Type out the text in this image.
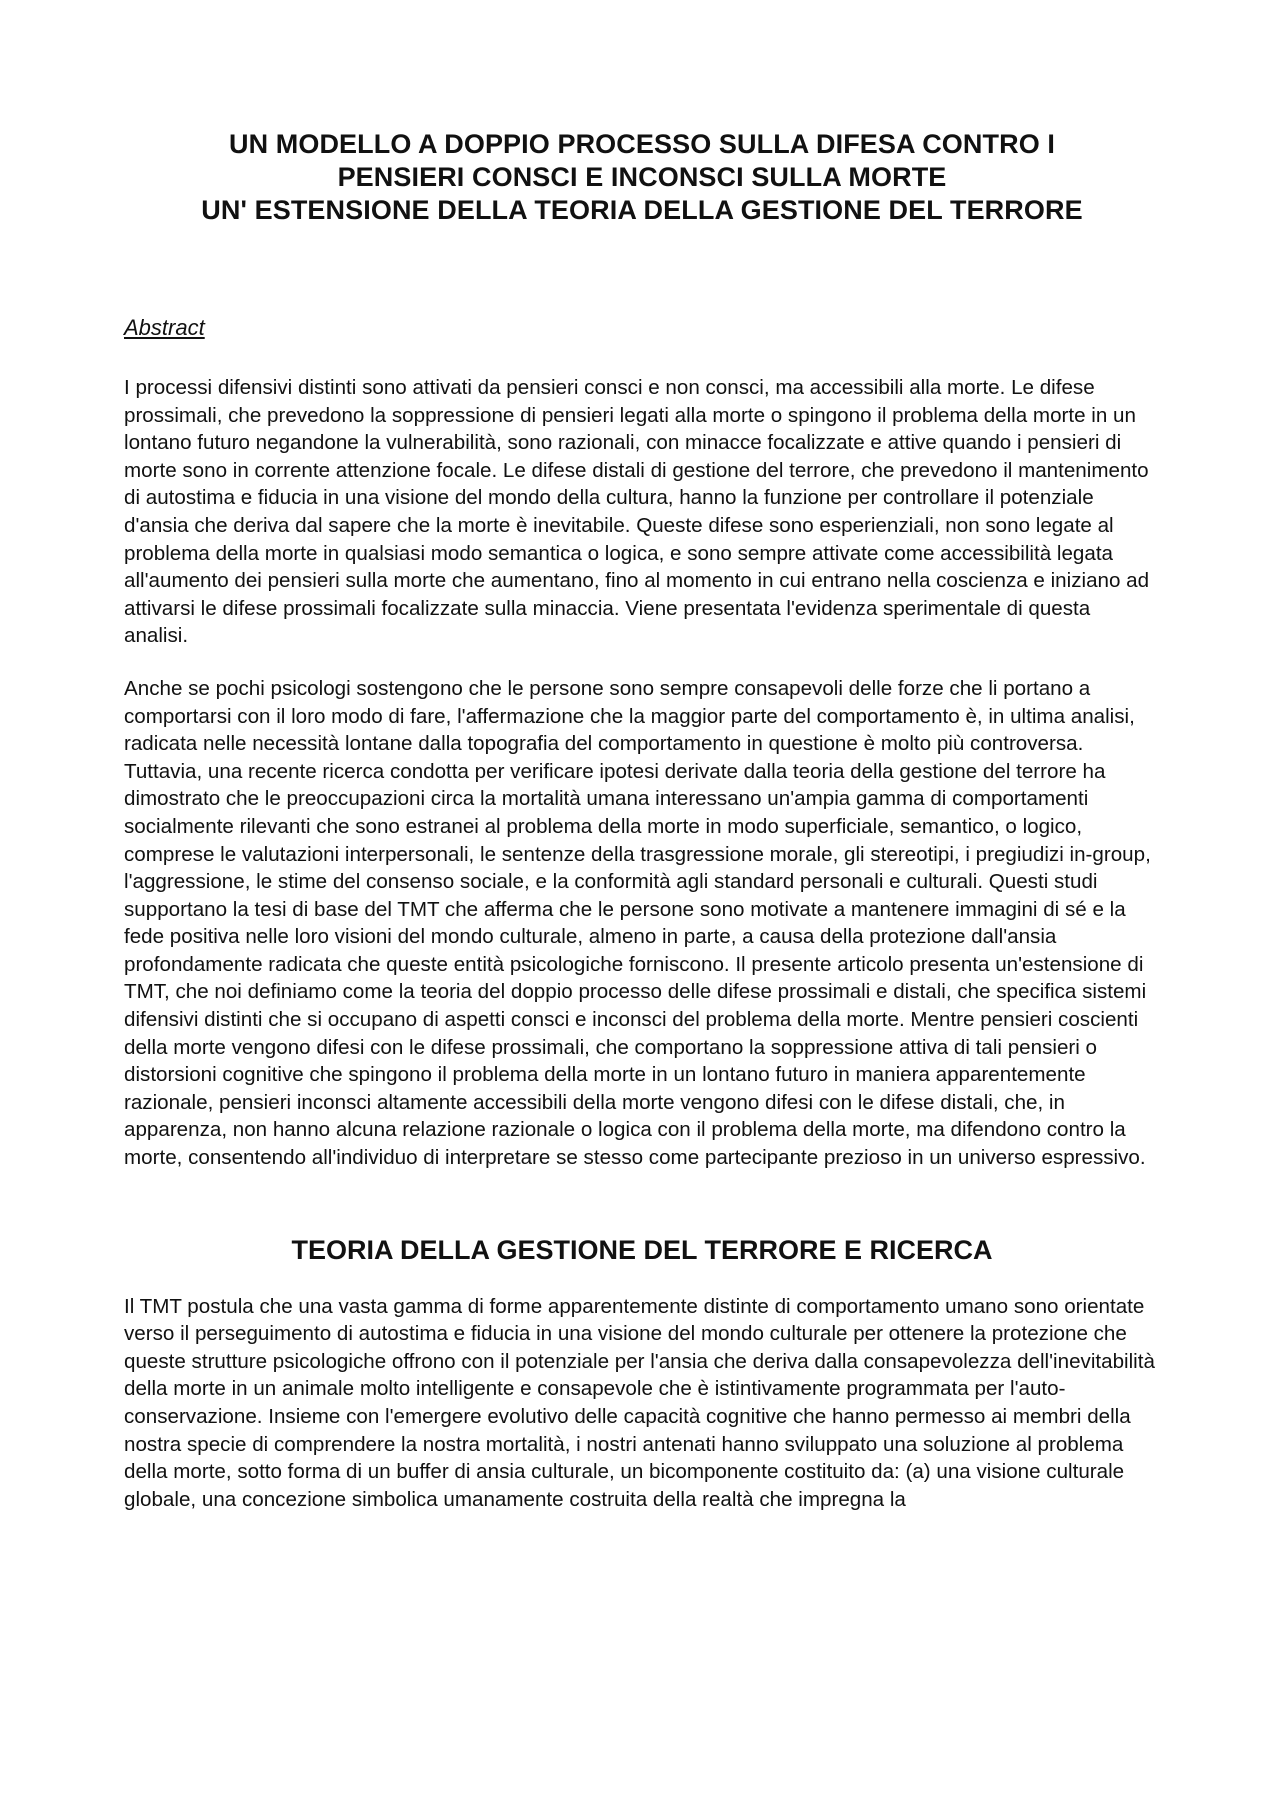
UN MODELLO A DOPPIO PROCESSO SULLA DIFESA CONTRO I
PENSIERI CONSCI E INCONSCI SULLA MORTE
UN' ESTENSIONE DELLA TEORIA DELLA GESTIONE DEL TERRORE
Abstract

I processi difensivi distinti sono attivati da pensieri consci e non consci, ma accessibili alla morte. Le difese prossimali, che prevedono la soppressione di pensieri legati alla morte o spingono il problema della morte in un lontano futuro negandone la vulnerabilità, sono razionali, con minacce focalizzate e attive quando i pensieri di morte sono in corrente attenzione focale. Le difese distali di gestione del terrore, che prevedono il mantenimento di autostima e fiducia in una visione del mondo della cultura, hanno la funzione per controllare il potenziale d'ansia che deriva dal sapere che la morte è inevitabile. Queste difese sono esperienziali, non sono legate al problema della morte in qualsiasi modo semantica o logica, e sono sempre attivate come accessibilità legata all'aumento dei pensieri sulla morte che aumentano, fino al momento in cui entrano nella coscienza e iniziano ad attivarsi le difese prossimali focalizzate sulla minaccia. Viene presentata l'evidenza sperimentale di questa analisi.

Anche se pochi psicologi sostengono che le persone sono sempre consapevoli delle forze che li portano a comportarsi con il loro modo di fare, l'affermazione che la maggior parte del comportamento è, in ultima analisi, radicata nelle necessità lontane dalla topografia del comportamento in questione è molto più controversa. Tuttavia, una recente ricerca condotta per verificare ipotesi derivate dalla teoria della gestione del terrore ha dimostrato che le preoccupazioni circa la mortalità umana interessano un'ampia gamma di comportamenti socialmente rilevanti che sono estranei al problema della morte in modo superficiale, semantico, o logico, comprese le valutazioni interpersonali, le sentenze della trasgressione morale, gli stereotipi, i pregiudizi in-group, l'aggressione, le stime del consenso sociale, e la conformità agli standard personali e culturali. Questi studi supportano la tesi di base del TMT che afferma che le persone sono motivate a mantenere immagini di sé e la fede positiva nelle loro visioni del mondo culturale, almeno in parte, a causa della protezione dall'ansia profondamente radicata che queste entità psicologiche forniscono. Il presente articolo presenta un'estensione di TMT, che noi definiamo come la teoria del doppio processo delle difese prossimali e distali, che specifica sistemi difensivi distinti che si occupano di aspetti consci e inconsci del problema della morte. Mentre pensieri coscienti della morte vengono difesi con le difese prossimali, che comportano la soppressione attiva di tali pensieri o distorsioni cognitive che spingono il problema della morte in un lontano futuro in maniera apparentemente razionale, pensieri inconsci altamente accessibili della morte vengono difesi con le difese distali, che, in apparenza, non hanno alcuna relazione razionale o logica con il problema della morte, ma difendono contro la morte, consentendo all'individuo di interpretare se stesso come partecipante prezioso in un universo espressivo.

TEORIA DELLA GESTIONE DEL TERRORE E RICERCA

Il TMT postula che una vasta gamma di forme apparentemente distinte di comportamento umano sono orientate verso il perseguimento di autostima e fiducia in una visione del mondo culturale per ottenere la protezione che queste strutture psicologiche offrono con il potenziale per l'ansia che deriva dalla consapevolezza dell'inevitabilità della morte in un animale molto intelligente e consapevole che è istintivamente programmata per l'auto-conservazione. Insieme con l'emergere evolutivo delle capacità cognitive che hanno permesso ai membri della nostra specie di comprendere la nostra mortalità, i nostri antenati hanno sviluppato una soluzione al problema della morte, sotto forma di un buffer di ansia culturale, un bicomponente costituito da: (a) una visione culturale globale, una concezione simbolica umanamente costruita della realtà che impregna la
